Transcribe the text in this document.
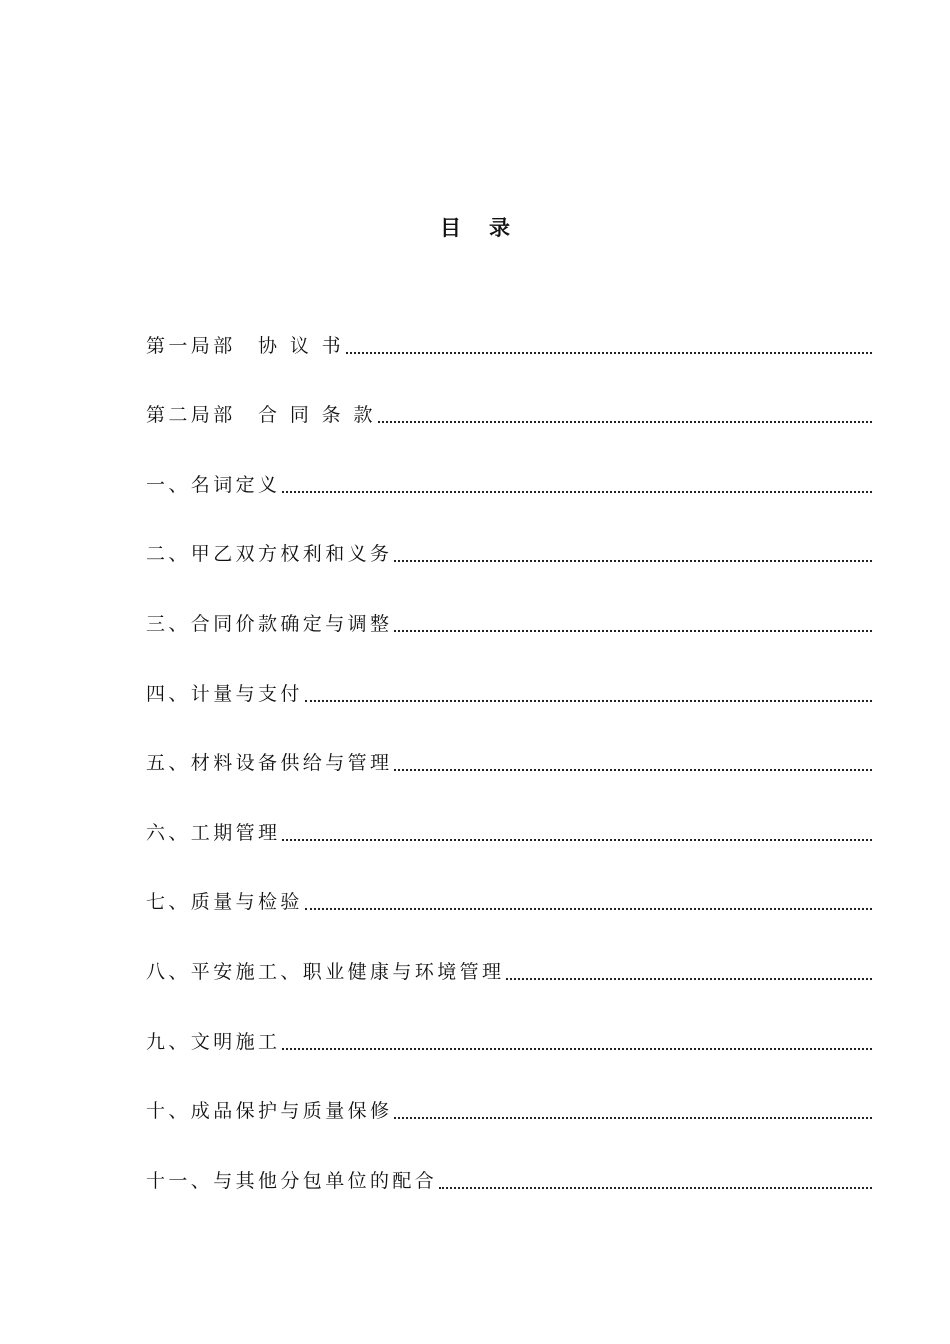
目录
第一局部　协 议 书
第二局部　合 同 条 款
一、名词定义
二、甲乙双方权利和义务
三、合同价款确定与调整
四、计量与支付
五、材料设备供给与管理
六、工期管理
七、质量与检验
八、平安施工、职业健康与环境管理
九、文明施工
十、成品保护与质量保修
十一、与其他分包单位的配合
